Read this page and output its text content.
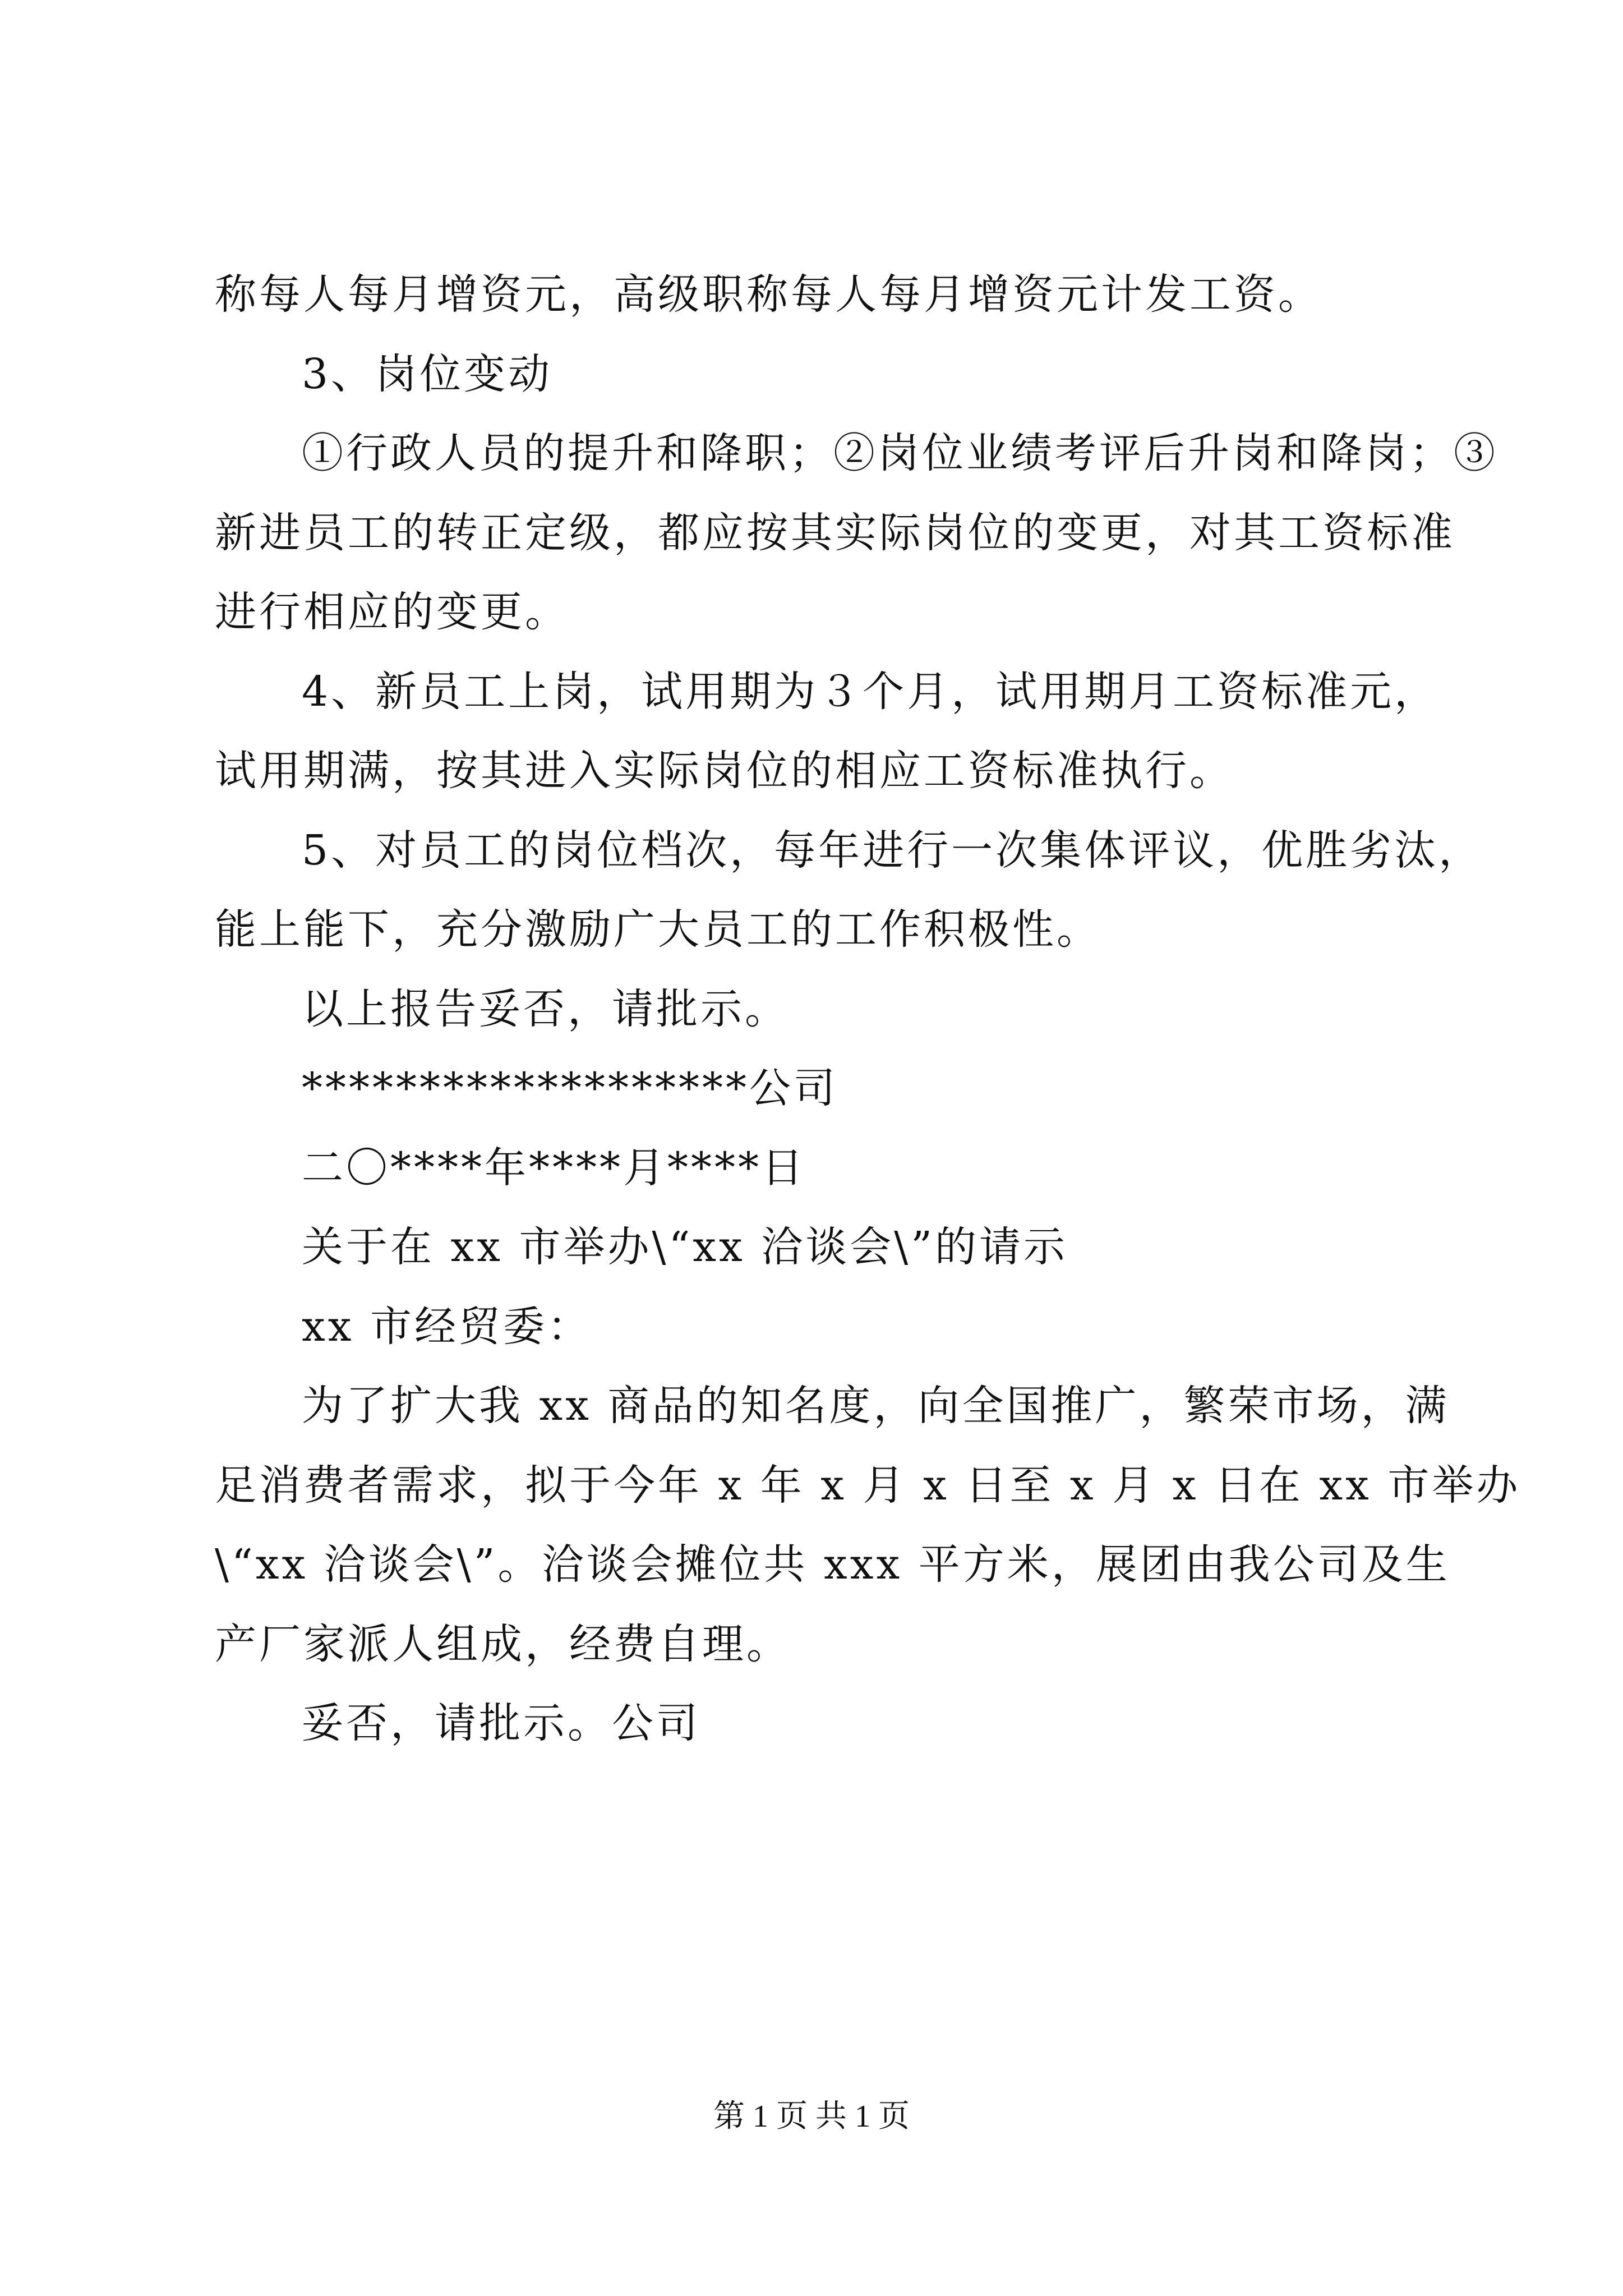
称每人每月增资元，高级职称每人每月增资元计发工资。
3、岗位变动
①行政人员的提升和降职；②岗位业绩考评后升岗和降岗；③
新进员工的转正定级，都应按其实际岗位的变更，对其工资标准
进行相应的变更。
4、新员工上岗，试用期为３个月，试用期月工资标准元，
试用期满，按其进入实际岗位的相应工资标准执行。
5、对员工的岗位档次，每年进行一次集体评议，优胜劣汰，
能上能下，充分激励广大员工的工作积极性。
以上报告妥否，请批示。
*******************公司
二〇****年****月****日
关于在 xx 市举办\“xx 洽谈会\”的请示
xx 市经贸委：
为了扩大我 xx 商品的知名度，向全国推广，繁荣市场，满
足消费者需求，拟于今年 x 年 x 月 x 日至 x 月 x 日在 xx 市举办
\“xx 洽谈会\”。洽谈会摊位共 xxx 平方米，展团由我公司及生
产厂家派人组成，经费自理。
妥否，请批示。公司
第 1 页 共 1 页
